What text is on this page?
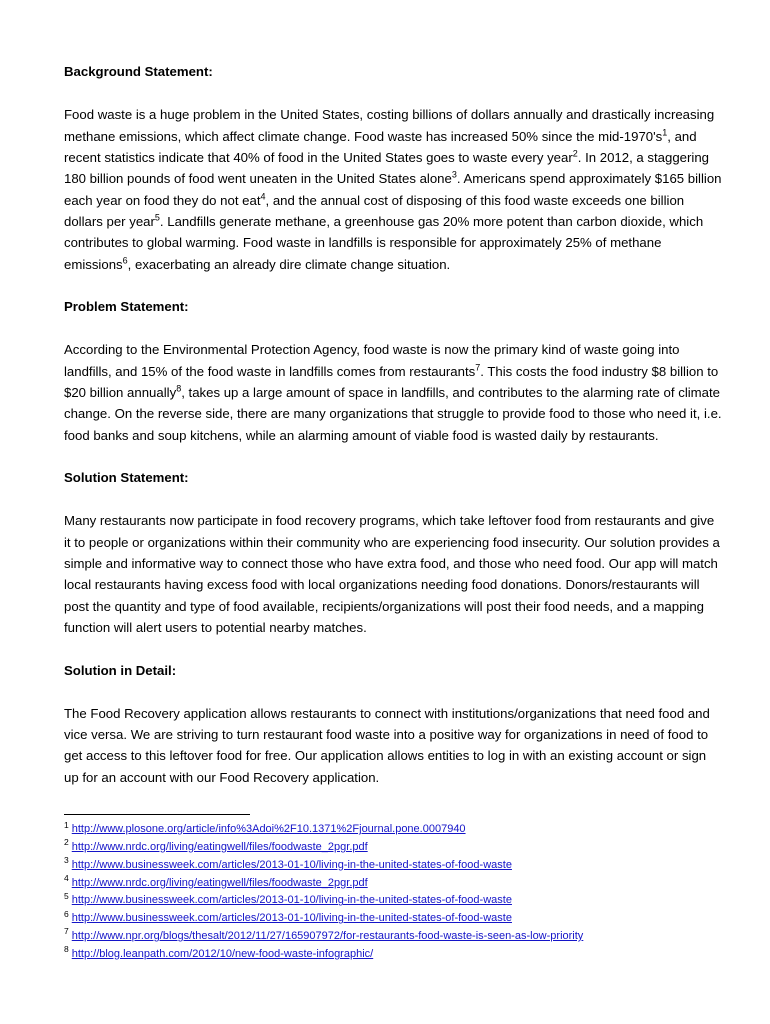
Background Statement:

Food waste is a huge problem in the United States, costing billions of dollars annually and drastically increasing methane emissions, which affect climate change. Food waste has increased 50% since the mid-$1970's^1$, and recent statistics indicate that 40% of food in the United States goes to waste every year$^2$. In 2012, a staggering 180 billion pounds of food went uneaten in the United States alone$^3$. Americans spend approximately $165 billion each year on food they do not eat$^4$, and the annual cost of disposing of this food waste exceeds one billion dollars per year$^5$. Landfills generate methane, a greenhouse gas 20% more potent than carbon dioxide, which contributes to global warming. Food waste in landfills is responsible for approximately 25% of methane emissions$^6$, exacerbating an already dire climate change situation.

Problem Statement:

According to the Environmental Protection Agency, food waste is now the primary kind of waste going into landfills, and 15% of the food waste in landfills comes from restaurants$^7$. This costs the food industry $8 billion to $20 billion annually$^8$, takes up a large amount of space in landfills, and contributes to the alarming rate of climate change. On the reverse side, there are many organizations that struggle to provide food to those who need it, i.e. food banks and soup kitchens, while an alarming amount of viable food is wasted daily by restaurants.

Solution Statement:

Many restaurants now participate in food recovery programs, which take leftover food from restaurants and give it to people or organizations within their community who are experiencing food insecurity. Our solution provides a simple and informative way to connect those who have extra food, and those who need food. Our app will match local restaurants having excess food with local organizations needing food donations. Donors/restaurants will post the quantity and type of food available, recipients/organizations will post their food needs, and a mapping function will alert users to potential nearby matches.

Solution in Detail:

The Food Recovery application allows restaurants to connect with institutions/organizations that need food and vice versa. We are striving to turn restaurant food waste into a positive way for organizations in need of food to get access to this leftover food for free. Our application allows entities to log in with an existing account or sign up for an account with our Food Recovery application.

$^1$ http://www.plosone.org/article/info%3Adoi%2F10.1371%2Fjournal.pone.0007940
$^2$ http://www.nrdc.org/living/eatingwell/files/foodwaste_2pgr.pdf
$^3$ http://www.businessweek.com/articles/2013-01-10/living-in-the-united-states-of-food-waste
$^4$ http://www.nrdc.org/living/eatingwell/files/foodwaste_2pgr.pdf
$^5$ http://www.businessweek.com/articles/2013-01-10/living-in-the-united-states-of-food-waste
$^6$ http://www.businessweek.com/articles/2013-01-10/living-in-the-united-states-of-food-waste
$^7$ http://www.npr.org/blogs/thesalt/2012/11/27/165907972/for-restaurants-food-waste-is-seen-as-low-priority
$^8$ http://blog.leanpath.com/2012/10/new-food-waste-infographic/
